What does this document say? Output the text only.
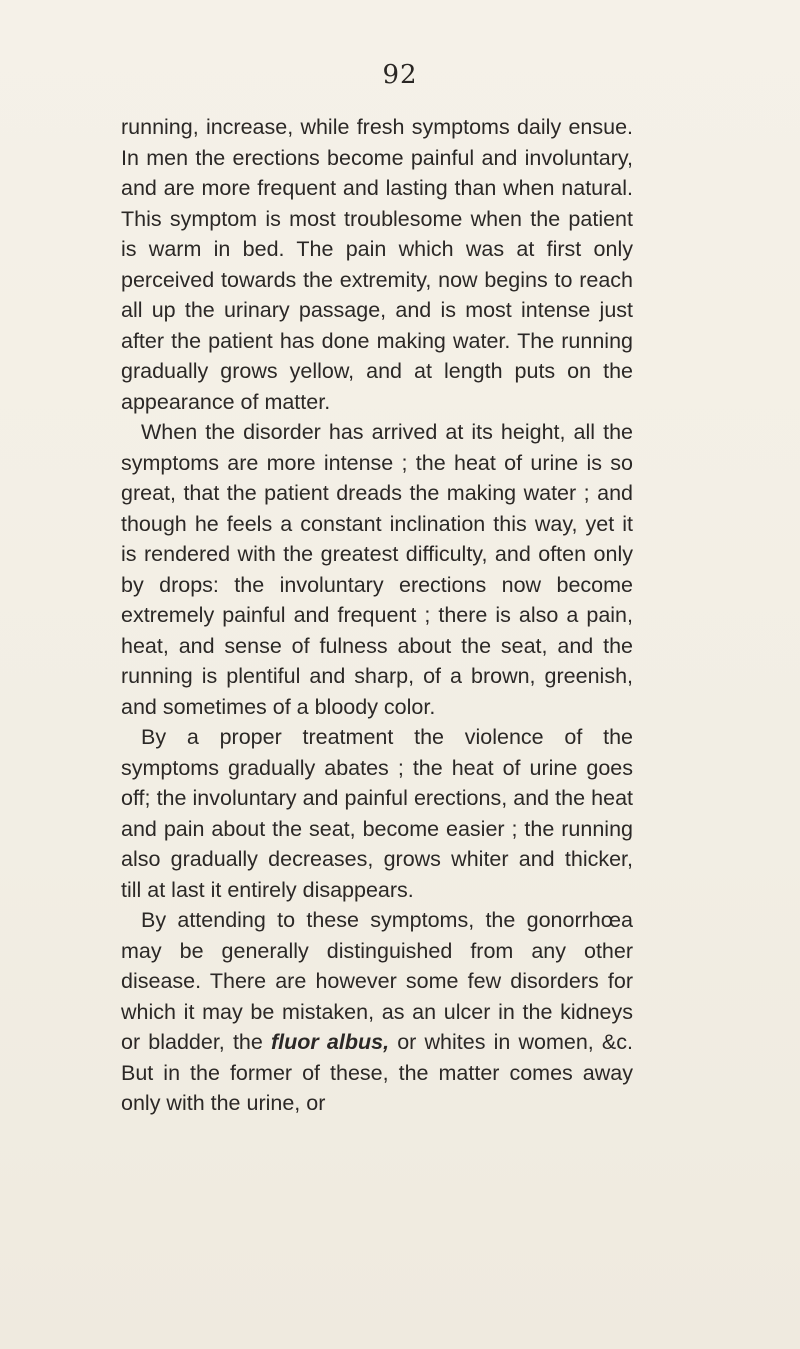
92

running, increase, while fresh symptoms daily ensue. In men the erections become painful and involuntary, and are more frequent and lasting than when natural. This symptom is most troublesome when the patient is warm in bed. The pain which was at first only perceived towards the extremity, now begins to reach all up the urinary passage, and is most intense just after the patient has done making water. The running gradually grows yellow, and at length puts on the appearance of matter.

When the disorder has arrived at its height, all the symptoms are more intense ; the heat of urine is so great, that the patient dreads the making water ; and though he feels a constant inclination this way, yet it is rendered with the greatest difficulty, and often only by drops: the involuntary erections now become extremely painful and frequent ; there is also a pain, heat, and sense of fulness about the seat, and the running is plentiful and sharp, of a brown, greenish, and sometimes of a bloody color.

By a proper treatment the violence of the symptoms gradually abates ; the heat of urine goes off; the involuntary and painful erections, and the heat and pain about the seat, become easier ; the running also gradually decreases, grows whiter and thicker, till at last it entirely disappears.

By attending to these symptoms, the gonorrhœa may be generally distinguished from any other disease. There are however some few disorders for which it may be mistaken, as an ulcer in the kidneys or bladder, the fluor albus, or whites in women, &c. But in the former of these, the matter comes away only with the urine, or
